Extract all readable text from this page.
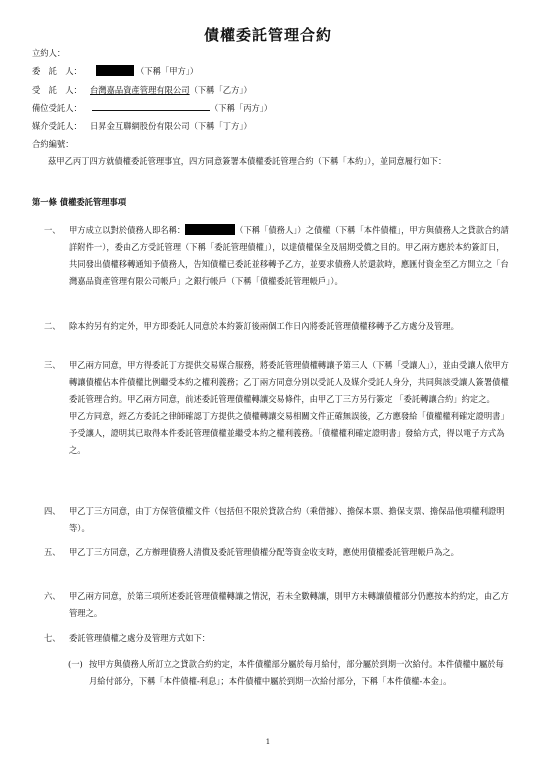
債權委託管理合約
立約人：
委　託　人：	（下稱「甲方」）
受　託　人： 台灣嘉品資產管理有限公司（下稱「乙方」）
備位受託人：	（下稱「丙方」）
媒介受託人： 日昇金互聯網股份有限公司（下稱「丁方」）
合約編號：
茲甲乙丙丁四方就債權委託管理事宜，四方同意簽署本債權委託管理合約（下稱「本約」），並同意履行如下：
第一條 債權委託管理事項
一、 甲方成立以對於債務人即名稱：	（下稱「債務人」）之債權（下稱「本件債權」，甲方與債務人之貸款合約請詳附件一），委由乙方受託管理（下稱「委託管理債權」），以達債權保全及屆期受償之目的。甲乙兩方應於本約簽訂日，共同發出債權移轉通知予債務人，告知債權已委託並移轉予乙方，並要求債務人於還款時，應匯付資金至乙方開立之「台灣嘉品資產管理有限公司帳戶」之銀行帳戶（下稱「債權委託管理帳戶」）。
二、 除本約另有約定外，甲方即委託人同意於本約簽訂後兩個工作日內將委託管理債權移轉予乙方處分及管理。
三、 甲乙兩方同意，甲方得委託丁方提供交易媒合服務，將委託管理債權轉讓予第三人（下稱「受讓人」），並由受讓人依甲方轉讓債權佔本件債權比例繼受本約之權利義務；乙丁兩方同意分別以受託人及媒介受託人身分，共同與該受讓人簽署債權委託管理合約。甲乙兩方同意，前述委託管理債權轉讓交易條件，由甲乙丁三方另行簽定 「委託轉讓合約」約定之。
甲乙方同意，經乙方委託之律師確認丁方提供之債權轉讓交易相關文件正確無誤後，乙方應發給「債權權利確定證明書」予受讓人，證明其已取得本件委託管理債權並繼受本約之權利義務。「債權權利確定證明書」發給方式，得以電子方式為之。
四、 甲乙丁三方同意，由丁方保管債權文件（包括但不限於貸款合約（乘借據）、擔保本票、擔保支票、擔保品他項權利證明等）。
五、 甲乙丁三方同意，乙方辦理債務人清償及委託管理債權分配等資金收支時，應使用債權委託管理帳戶為之。
六、 甲乙兩方同意，於第三項所述委託管理債權轉讓之情況，若未全數轉讓，則甲方未轉讓債權部分仍應按本約約定，由乙方管理之。
七、 委託管理債權之處分及管理方式如下：
(一) 按甲方與債務人所訂立之貸款合約約定，本件債權部分屬於每月給付，部分屬於到期一次給付。本件債權中屬於每月給付部分，下稱「本件債權-利息」；本件債權中屬於到期一次給付部分，下稱「本件債權-本金」。
1
